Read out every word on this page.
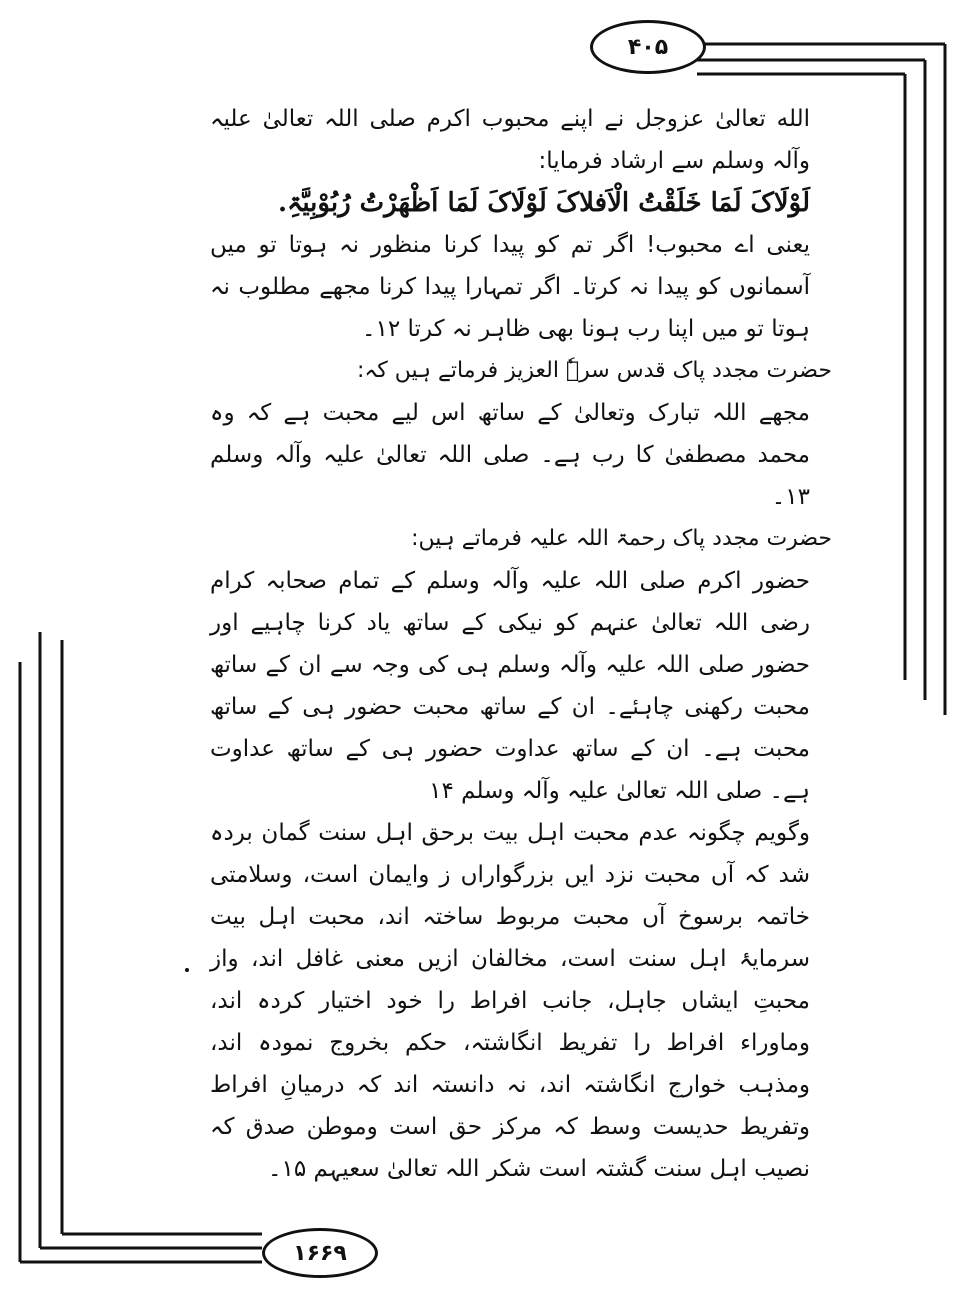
۴۰۵
۱۶۶۹

الله تعالیٰ عزوجل نے اپنے محبوب اکرم صلی اللہ تعالیٰ علیہ وآلہ وسلم سے ارشاد فرمایا:

لَوْلَاکَ لَمَا خَلَقْتُ الْاَفلاکَ لَوْلَاکَ لَمَا اَظْهَرْتُ رُبُوْبِیَّۃِ.

یعنی اے محبوب! اگر تم کو پیدا کرنا منظور نہ ہوتا تو میں آسمانوں کو پیدا نہ کرتا۔ اگر تمہارا پیدا کرنا مجھے مطلوب نہ ہوتا تو میں اپنا رب ہونا بھی ظاہر نہ کرتا ۱۲۔

حضرت مجدد پاک قدس سرہٗ العزیز فرماتے ہیں کہ:

مجھے اللہ تبارک وتعالیٰ کے ساتھ اس لیے محبت ہے کہ وہ محمد مصطفیٰ کا رب ہے۔ صلی اللہ تعالیٰ علیہ وآلہ وسلم ۱۳۔

حضرت مجدد پاک رحمۃ اللہ علیہ فرماتے ہیں:

حضور اکرم صلی اللہ علیہ وآلہ وسلم کے تمام صحابہ کرام رضی اللہ تعالیٰ عنہم کو نیکی کے ساتھ یاد کرنا چاہیے اور حضور صلی اللہ علیہ وآلہ وسلم ہی کی وجہ سے ان کے ساتھ محبت رکھنی چاہئے۔ ان کے ساتھ محبت حضور ہی کے ساتھ محبت ہے۔ ان کے ساتھ عداوت حضور ہی کے ساتھ عداوت ہے۔ صلی اللہ تعالیٰ علیہ وآلہ وسلم ۱۴

وگویم چگونہ عدم محبت اہل بیت برحق اہل سنت گمان بردہ شد کہ آں محبت نزد ایں بزرگواراں ز وایمان است، وسلامتی خاتمہ برسوخ آں محبت مربوط ساختہ اند، محبت اہل بیت سرمایۂ اہل سنت است، مخالفان ازیں معنی غافل اند، واز محبتِ ایشاں جاہل، جانب افراط را خود اختیار کردہ اند، وماوراء افراط را تفریط انگاشتہ، حکم بخروج نمودہ اند، ومذہب خوارج انگاشتہ اند، نہ دانستہ اند کہ درمیانِ افراط وتفریط حدیست وسط کہ مرکز حق است وموطن صدق کہ نصیب اہل سنت گشتہ است شکر اللہ تعالیٰ سعیہم ۱۵۔
